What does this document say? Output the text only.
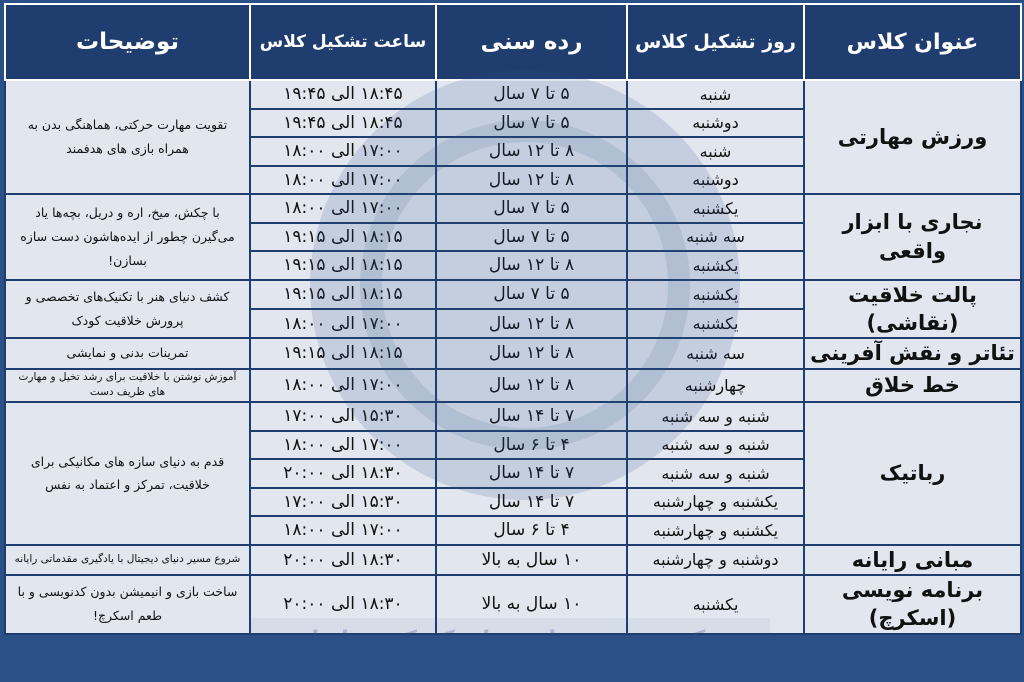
عنوان کلاس	روز تشکیل کلاس	رده سنی	ساعت تشکیل کلاس	توضیحات
ورزش مهارتی	شنبه	۵ تا ۷ سال	۱۸:۴۵ الی ۱۹:۴۵	تقویت مهارت حرکتی، هماهنگی بدن به همراه بازی های هدفمند
	دوشنبه	۵ تا ۷ سال	۱۸:۴۵ الی ۱۹:۴۵	
	شنبه	۸ تا ۱۲ سال	۱۷:۰۰ الی ۱۸:۰۰	
	دوشنبه	۸ تا ۱۲ سال	۱۷:۰۰ الی ۱۸:۰۰	
نجاری با ابزار واقعی	یکشنبه	۵ تا ۷ سال	۱۷:۰۰ الی ۱۸:۰۰	با چکش، میخ، اره و دریل، بچه‌ها یاد می‌گیرن چطور از ایده‌هاشون دست سازه بسازن!
	سه شنبه	۵ تا ۷ سال	۱۸:۱۵ الی ۱۹:۱۵	
	یکشنبه	۸ تا ۱۲ سال	۱۸:۱۵ الی ۱۹:۱۵	
پالت خلاقیت (نقاشی)	یکشنبه	۵ تا ۷ سال	۱۸:۱۵ الی ۱۹:۱۵	کشف دنیای هنر با تکنیک‌های تخصصی و پرورش خلاقیت کودک
	یکشنبه	۸ تا ۱۲ سال	۱۷:۰۰ الی ۱۸:۰۰	
تئاتر و نقش آفرینی	سه شنبه	۸ تا ۱۲ سال	۱۸:۱۵ الی ۱۹:۱۵	تمرینات بدنی و نمایشی
خط خلاق	چهارشنبه	۸ تا ۱۲ سال	۱۷:۰۰ الی ۱۸:۰۰	آموزش نوشتن با خلاقیت برای رشد تخیل و مهارت های ظریف دست
رباتیک	شنبه و سه شنبه	۷ تا ۱۴ سال	۱۵:۳۰ الی ۱۷:۰۰	قدم به دنیای سازه های مکانیکی برای خلاقیت، تمرکز و اعتماد به نفس
	شنبه و سه شنبه	۴ تا ۶ سال	۱۷:۰۰ الی ۱۸:۰۰	
	شنبه و سه شنبه	۷ تا ۱۴ سال	۱۸:۳۰ الی ۲۰:۰۰	
	یکشنبه و چهارشنبه	۷ تا ۱۴ سال	۱۵:۳۰ الی ۱۷:۰۰	
	یکشنبه و چهارشنبه	۴ تا ۶ سال	۱۷:۰۰ الی ۱۸:۰۰	
مبانی رایانه	دوشنبه و چهارشنبه	۱۰ سال به بالا	۱۸:۳۰ الی ۲۰:۰۰	شروع مسیر دنیای دیجیتال با یادگیری مقدماتی رایانه
برنامه نویسی (اسکرچ)	یکشنبه	۱۰ سال به بالا	۱۸:۳۰ الی ۲۰:۰۰	ساخت بازی و انیمیشن بدون کدنویسی و با طعم اسکرچ!
مرکز پرورش مهارت های کودک و خانواده
